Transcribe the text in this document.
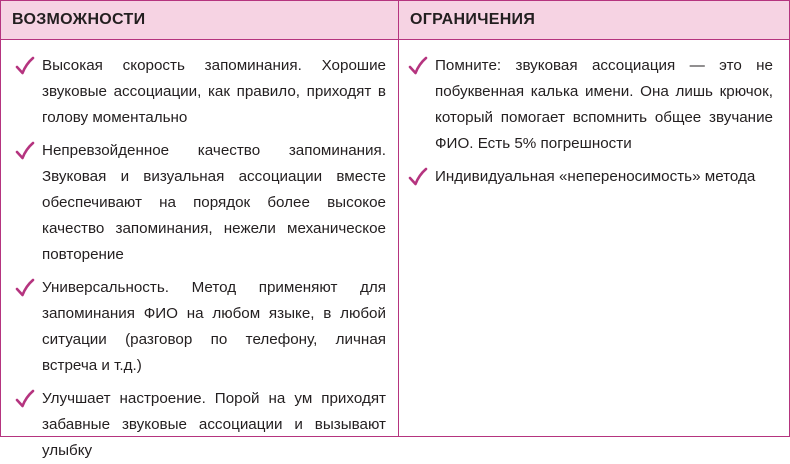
ВОЗМОЖНОСТИ	ОГРАНИЧЕНИЯ
Высокая скорость запоминания. Хорошие звуковые ассоциации, как правило, приходят в голову моментально
Непревзойденное качество запоминания. Звуковая и визуальная ассоциации вместе обеспечивают на порядок более высокое качество запоминания, нежели механическое повторение
Универсальность. Метод применяют для запоминания ФИО на любом языке, в любой ситуации (разговор по телефону, личная встреча и т.д.)
Улучшает настроение. Порой на ум приходят забавные звуковые ассоциации и вызывают улыбку
Помните: звуковая ассоциация — это не побуквенная калька имени. Она лишь крючок, который помогает вспомнить общее звучание ФИО. Есть 5% погрешности
Индивидуальная «непереносимость» метода
